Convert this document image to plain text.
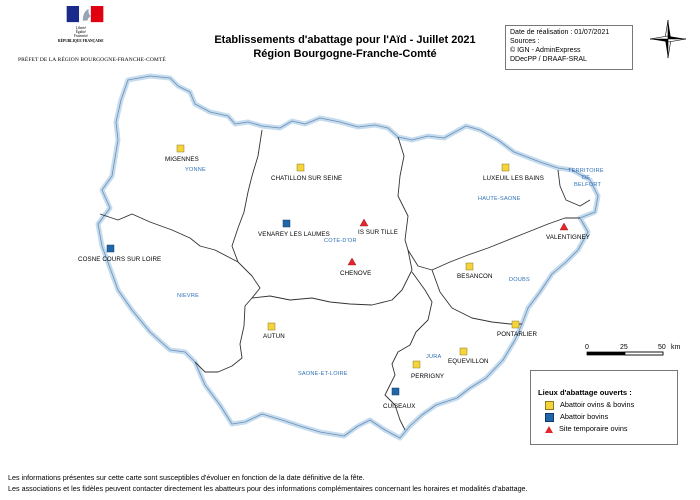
YONNE
COTE-D'OR
NIEVRE
SAONE-ET-LOIRE
HAUTE-SAONE
DOUBS
JURA
TERRITOIRE
DE
BELFORT
MIGENNES
CHATILLON SUR SEINE	LUXEUIL LES BAINS
VENAREY LES LAUMES	IS SUR TILLE
COSNE COURS SUR LOIRE
CHENOVE
VALENTIGNEY
BESANCON
AUTUN	PONTARLIER
EQUEVILLON
PERRIGNY
CUISEAUX
Liberté
Égalité
Fraternité
RÉPUBLIQUE FRANÇAISE
PRÉFET DE LA RÉGION BOURGOGNE-FRANCHE-COMTÉ
Etablissements d'abattage pour l'Aïd - Juillet 2021
Région Bourgogne-Franche-Comté
Date de réalisation : 01/07/2021
Sources :
© IGN - AdminExpress
DDecPP / DRAAF-SRAL
0	25	50 km
Lieux d'abattage ouverts :
Abattoir ovins & bovins
Abattoir bovins
Site temporaire ovins
Les informations présentes sur cette carte sont susceptibles d'évoluer en fonction de la date définitive de la fête.
Les associations et les fidèles peuvent contacter directement les abatteurs pour des informations complémentaires concernant les horaires et modalités d'abattage.
